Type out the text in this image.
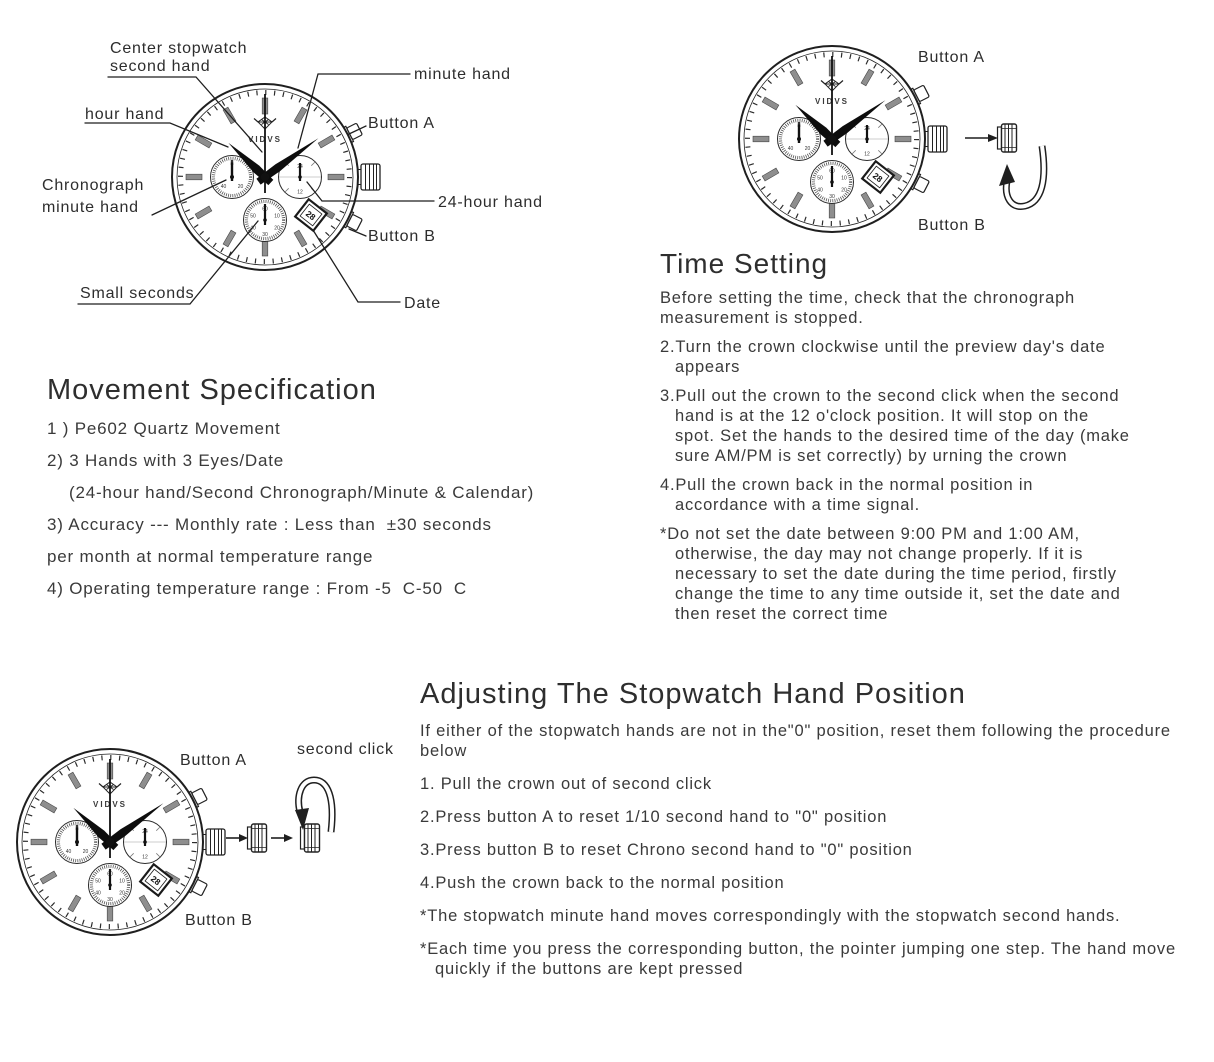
Center stopwatch
second hand	minute hand
hour hand
Button A
Chronograph
minute hand	24-hour hand
Button B
Small seconds
Date
Button A
Button B
Button A
second click
Button B
Movement Specification
1 ) Pe602 Quartz Movement
2) 3 Hands with 3 Eyes/Date
(24-hour hand/Second Chronograph/Minute & Calendar)
3) Accuracy --- Monthly rate : Less than  ±30 seconds
per month at normal temperature range
4) Operating temperature range : From -5  C-50  C
Time Setting

Before setting the time, check that the chronograph measurement is stopped.

2.Turn the crown clockwise until the preview day's date appears

3.Pull out the crown to the second click when the second hand is at the 12 o'clock position. It will stop on the spot. Set the hands to the desired time of the day (make sure AM/PM is set correctly) by urning the crown

4.Pull the crown back in the normal position in accordance with a time signal.

*Do not set the date between 9:00 PM and 1:00 AM, otherwise, the day may not change properly. If it is necessary to set the date during the time period, firstly change the time to any time outside it, set the date and then reset the correct time

Adjusting The Stopwatch Hand Position

If either of the stopwatch hands are not in the"0" position, reset them following the procedure below

1. Pull the crown out of second click

2.Press button A to reset 1/10 second hand to "0" position

3.Press button B to reset Chrono second hand to "0" position

4.Push the crown back to the normal position

*The stopwatch minute hand moves correspondingly with the stopwatch second hands.

*Each time you press the corresponding button, the pointer jumping one step. The hand move quickly if the buttons are kept pressed
